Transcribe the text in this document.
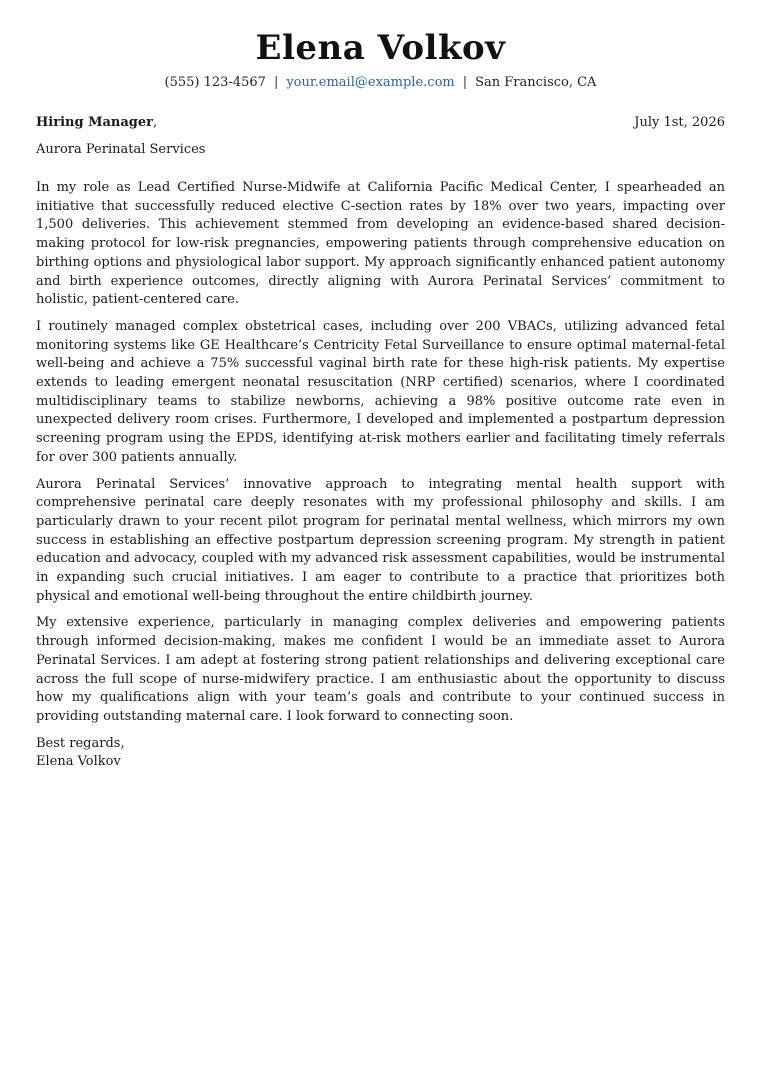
Elena Volkov
(555) 123-4567 | your.email@example.com | San Francisco, CA
Hiring Manager,	July 1st, 2026
Aurora Perinatal Services

In my role as Lead Certified Nurse-Midwife at California Pacific Medical Center, I spearheaded an initiative that successfully reduced elective C-section rates by 18% over two years, impacting over 1,500 deliveries. This achievement stemmed from developing an evidence-based shared decision-making protocol for low-risk pregnancies, empowering patients through comprehensive education on birthing options and physiological labor support. My approach significantly enhanced patient autonomy and birth experience outcomes, directly aligning with Aurora Perinatal Services’ commitment to holistic, patient-centered care.

I routinely managed complex obstetrical cases, including over 200 VBACs, utilizing advanced fetal monitoring systems like GE Healthcare’s Centricity Fetal Surveillance to ensure optimal maternal-fetal well-being and achieve a 75% successful vaginal birth rate for these high-risk patients. My expertise extends to leading emergent neonatal resuscitation (NRP certified) scenarios, where I coordinated multidisciplinary teams to stabilize newborns, achieving a 98% positive outcome rate even in unexpected delivery room crises. Furthermore, I developed and implemented a postpartum depression screening program using the EPDS, identifying at-risk mothers earlier and facilitating timely referrals for over 300 patients annually.

Aurora Perinatal Services’ innovative approach to integrating mental health support with comprehensive perinatal care deeply resonates with my professional philosophy and skills. I am particularly drawn to your recent pilot program for perinatal mental wellness, which mirrors my own success in establishing an effective postpartum depression screening program. My strength in patient education and advocacy, coupled with my advanced risk assessment capabilities, would be instrumental in expanding such crucial initiatives. I am eager to contribute to a practice that prioritizes both physical and emotional well-being throughout the entire childbirth journey.

My extensive experience, particularly in managing complex deliveries and empowering patients through informed decision-making, makes me confident I would be an immediate asset to Aurora Perinatal Services. I am adept at fostering strong patient relationships and delivering exceptional care across the full scope of nurse-midwifery practice. I am enthusiastic about the opportunity to discuss how my qualifications align with your team’s goals and contribute to your continued success in providing outstanding maternal care. I look forward to connecting soon.

Best regards,
Elena Volkov
